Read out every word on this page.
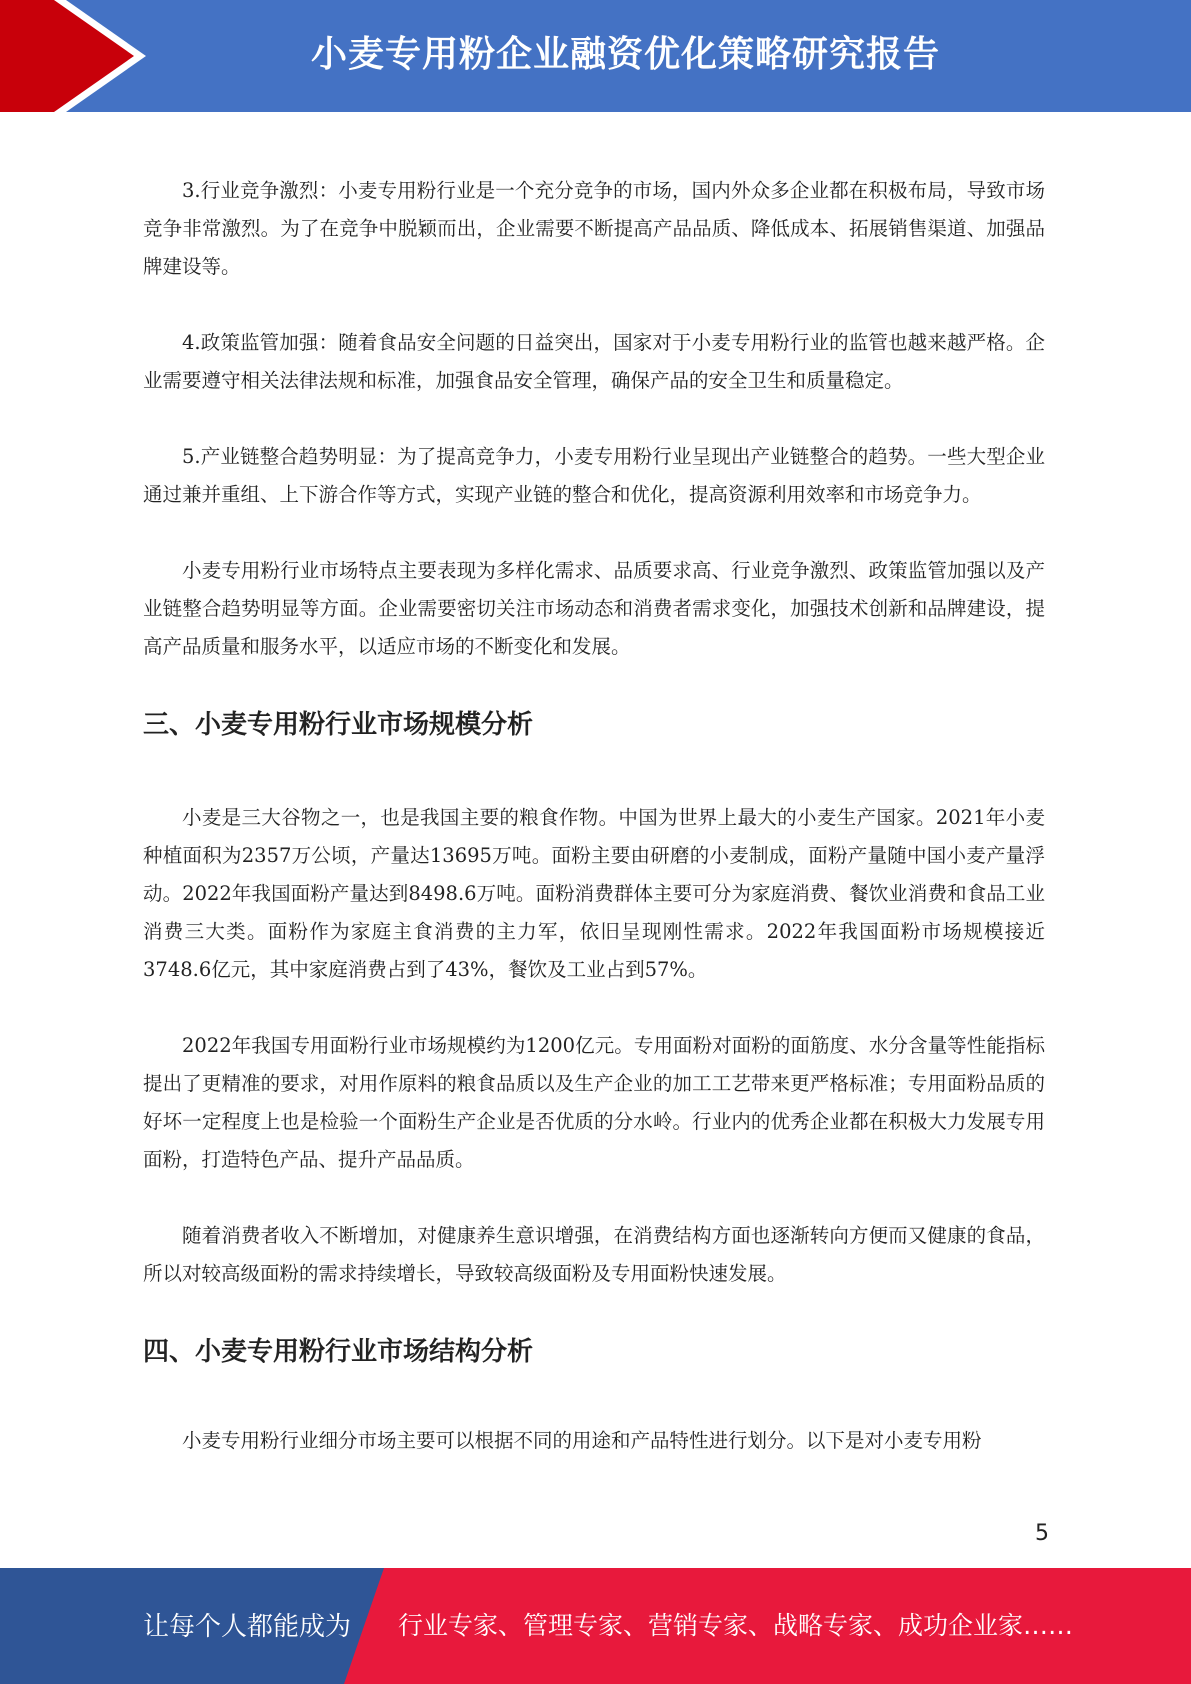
小麦专用粉企业融资优化策略研究报告

3.行业竞争激烈：小麦专用粉行业是一个充分竞争的市场，国内外众多企业都在积极布局，导致市场竞争非常激烈。为了在竞争中脱颖而出，企业需要不断提高产品品质、降低成本、拓展销售渠道、加强品牌建设等。

4.政策监管加强：随着食品安全问题的日益突出，国家对于小麦专用粉行业的监管也越来越严格。企业需要遵守相关法律法规和标准，加强食品安全管理，确保产品的安全卫生和质量稳定。

5.产业链整合趋势明显：为了提高竞争力，小麦专用粉行业呈现出产业链整合的趋势。一些大型企业通过兼并重组、上下游合作等方式，实现产业链的整合和优化，提高资源利用效率和市场竞争力。

小麦专用粉行业市场特点主要表现为多样化需求、品质要求高、行业竞争激烈、政策监管加强以及产业链整合趋势明显等方面。企业需要密切关注市场动态和消费者需求变化，加强技术创新和品牌建设，提高产品质量和服务水平，以适应市场的不断变化和发展。

三、小麦专用粉行业市场规模分析

小麦是三大谷物之一，也是我国主要的粮食作物。中国为世界上最大的小麦生产国家。2021年小麦种植面积为2357万公顷，产量达13695万吨。面粉主要由研磨的小麦制成，面粉产量随中国小麦产量浮动。2022年我国面粉产量达到8498.6万吨。面粉消费群体主要可分为家庭消费、餐饮业消费和食品工业消费三大类。面粉作为家庭主食消费的主力军，依旧呈现刚性需求。2022年我国面粉市场规模接近3748.6亿元，其中家庭消费占到了43%，餐饮及工业占到57%。

2022年我国专用面粉行业市场规模约为1200亿元。专用面粉对面粉的面筋度、水分含量等性能指标提出了更精准的要求，对用作原料的粮食品质以及生产企业的加工工艺带来更严格标准；专用面粉品质的好坏一定程度上也是检验一个面粉生产企业是否优质的分水岭。行业内的优秀企业都在积极大力发展专用面粉，打造特色产品、提升产品品质。

随着消费者收入不断增加，对健康养生意识增强，在消费结构方面也逐渐转向方便而又健康的食品，所以对较高级面粉的需求持续增长，导致较高级面粉及专用面粉快速发展。

四、小麦专用粉行业市场结构分析

小麦专用粉行业细分市场主要可以根据不同的用途和产品特性进行划分。以下是对小麦专用粉

5
让每个人都能成为 行业专家、管理专家、营销专家、战略专家、成功企业家……
